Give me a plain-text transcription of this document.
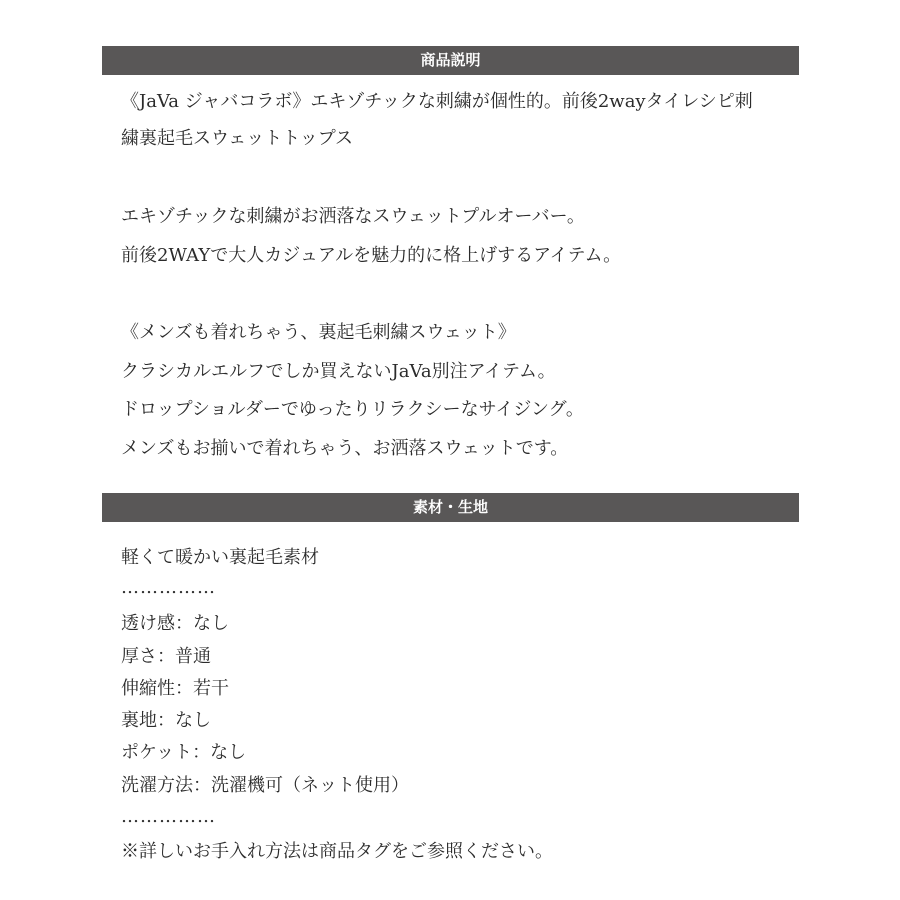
商品説明
《JaVa ジャバコラボ》エキゾチックな刺繍が個性的。前後2wayタイレシピ刺
繍裏起毛スウェットトップス
エキゾチックな刺繍がお洒落なスウェットプルオーバー。
前後2WAYで大人カジュアルを魅力的に格上げするアイテム。
《メンズも着れちゃう、裏起毛刺繍スウェット》
クラシカルエルフでしか買えないJaVa別注アイテム。
ドロップショルダーでゆったりリラクシーなサイジング。
メンズもお揃いで着れちゃう、お洒落スウェットです。
素材・生地
軽くて暖かい裏起毛素材
……………
透け感：なし
厚さ：普通
伸縮性：若干
裏地：なし
ポケット：なし
洗濯方法：洗濯機可（ネット使用）
……………
※詳しいお手入れ方法は商品タグをご参照ください。
